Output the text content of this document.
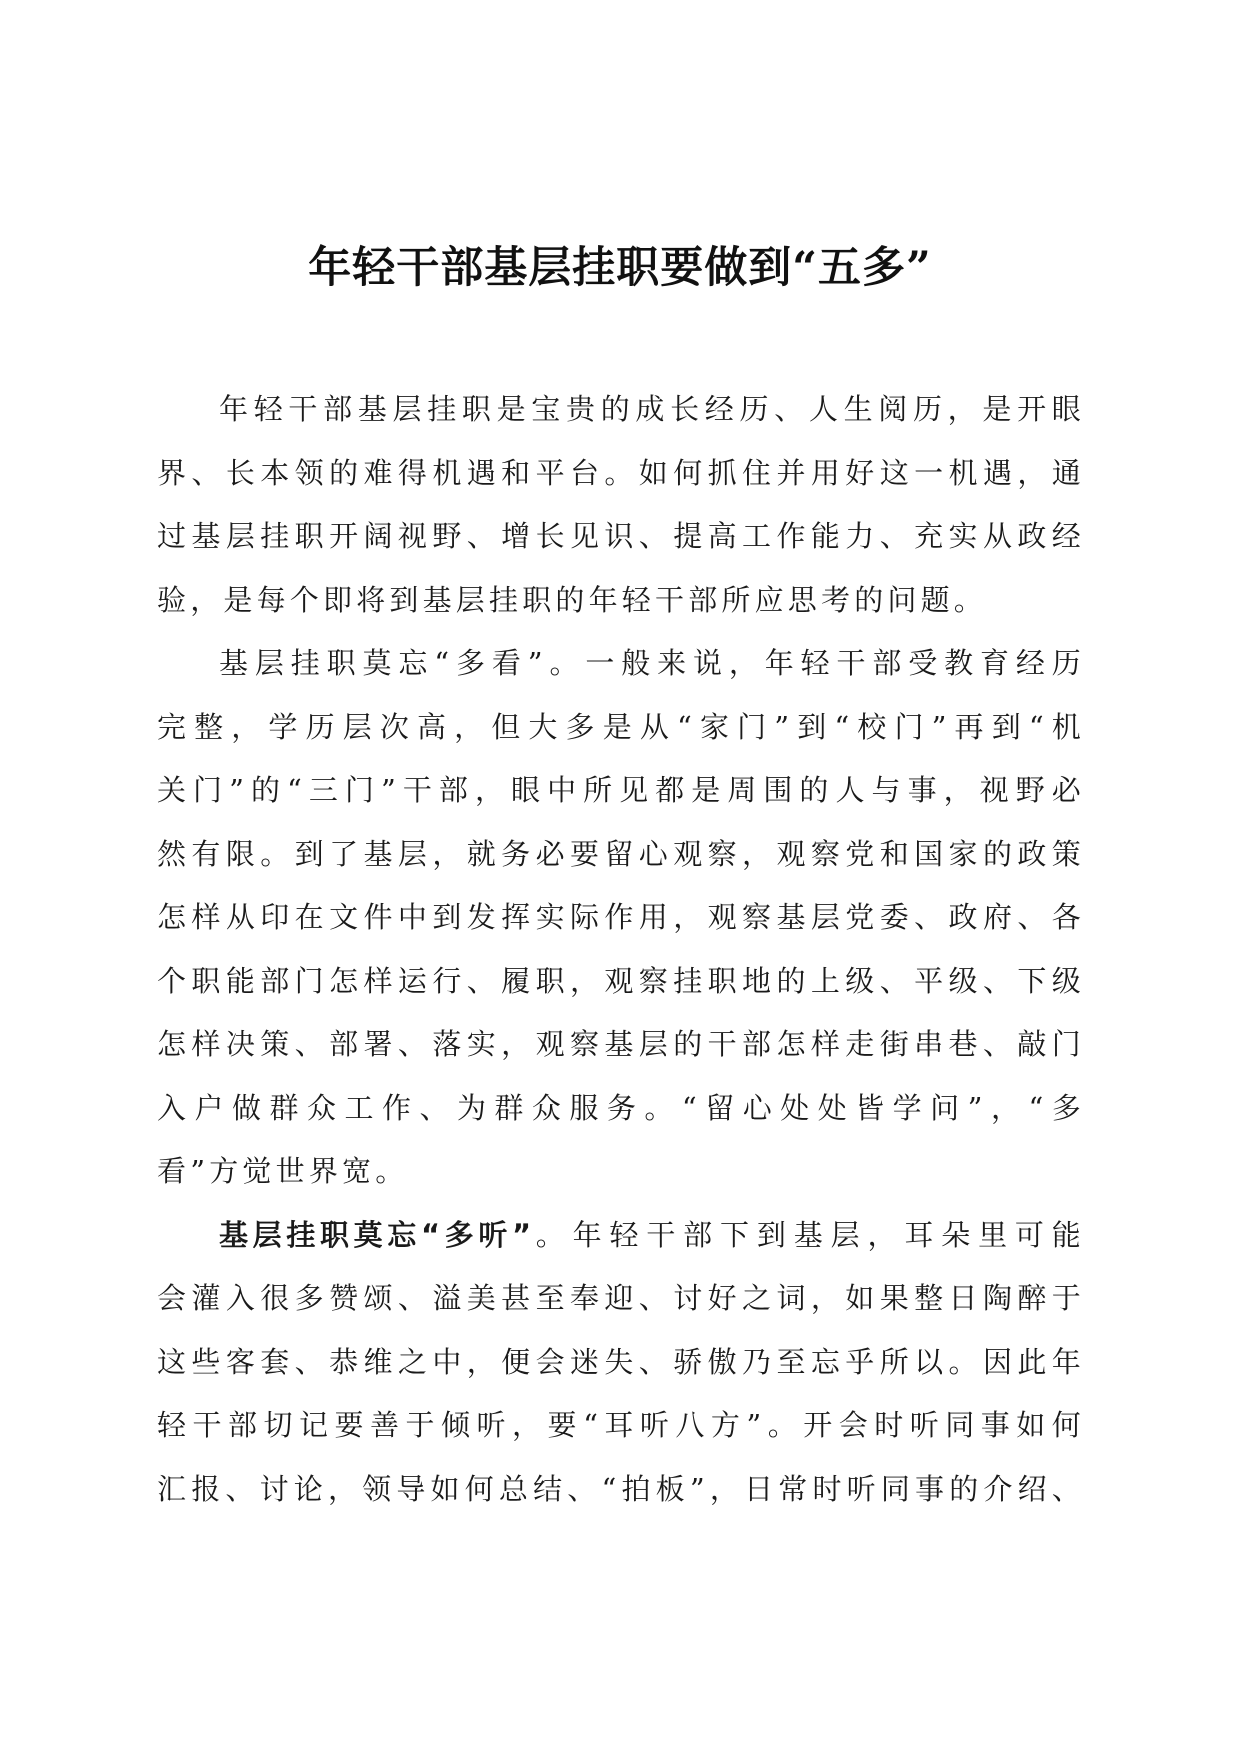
年轻干部基层挂职要做到“五多”
年轻干部基层挂职是宝贵的成长经历、人生阅历，是开眼
界、长本领的难得机遇和平台。如何抓住并用好这一机遇，通
过基层挂职开阔视野、增长见识、提高工作能力、充实从政经
验，是每个即将到基层挂职的年轻干部所应思考的问题。
基层挂职莫忘“多看”。一般来说，年轻干部受教育经历
完整，学历层次高，但大多是从“家门”到“校门”再到“机
关门”的“三门”干部，眼中所见都是周围的人与事，视野必
然有限。到了基层，就务必要留心观察，观察党和国家的政策
怎样从印在文件中到发挥实际作用，观察基层党委、政府、各
个职能部门怎样运行、履职，观察挂职地的上级、平级、下级
怎样决策、部署、落实，观察基层的干部怎样走街串巷、敲门
入户做群众工作、为群众服务。“留心处处皆学问”，“多
看”方觉世界宽。
基层挂职莫忘“多听”。年轻干部下到基层，耳朵里可能
会灌入很多赞颂、溢美甚至奉迎、讨好之词，如果整日陶醉于
这些客套、恭维之中，便会迷失、骄傲乃至忘乎所以。因此年
轻干部切记要善于倾听，要“耳听八方”。开会时听同事如何
汇报、讨论，领导如何总结、“拍板”，日常时听同事的介绍、
